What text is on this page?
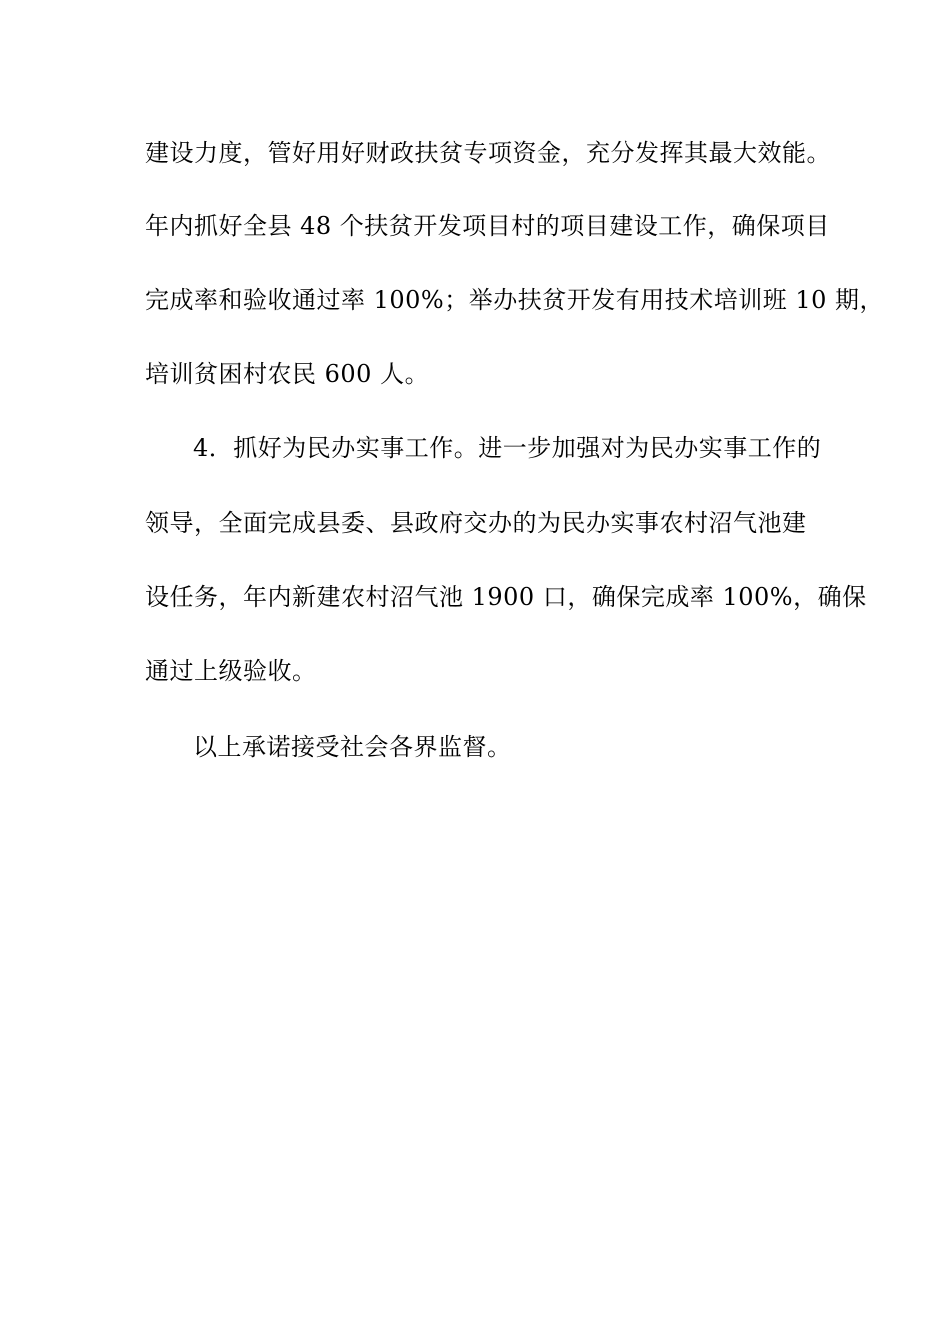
建设力度，管好用好财政扶贫专项资金，充分发挥其最大效能。
年内抓好全县 48 个扶贫开发项目村的项目建设工作，确保项目
完成率和验收通过率 100%；举办扶贫开发有用技术培训班 10 期，
培训贫困村农民 600 人。
4．抓好为民办实事工作。进一步加强对为民办实事工作的
领导，全面完成县委、县政府交办的为民办实事农村沼气池建
设任务，年内新建农村沼气池 1900 口，确保完成率 100%，确保
通过上级验收。
以上承诺接受社会各界监督。
